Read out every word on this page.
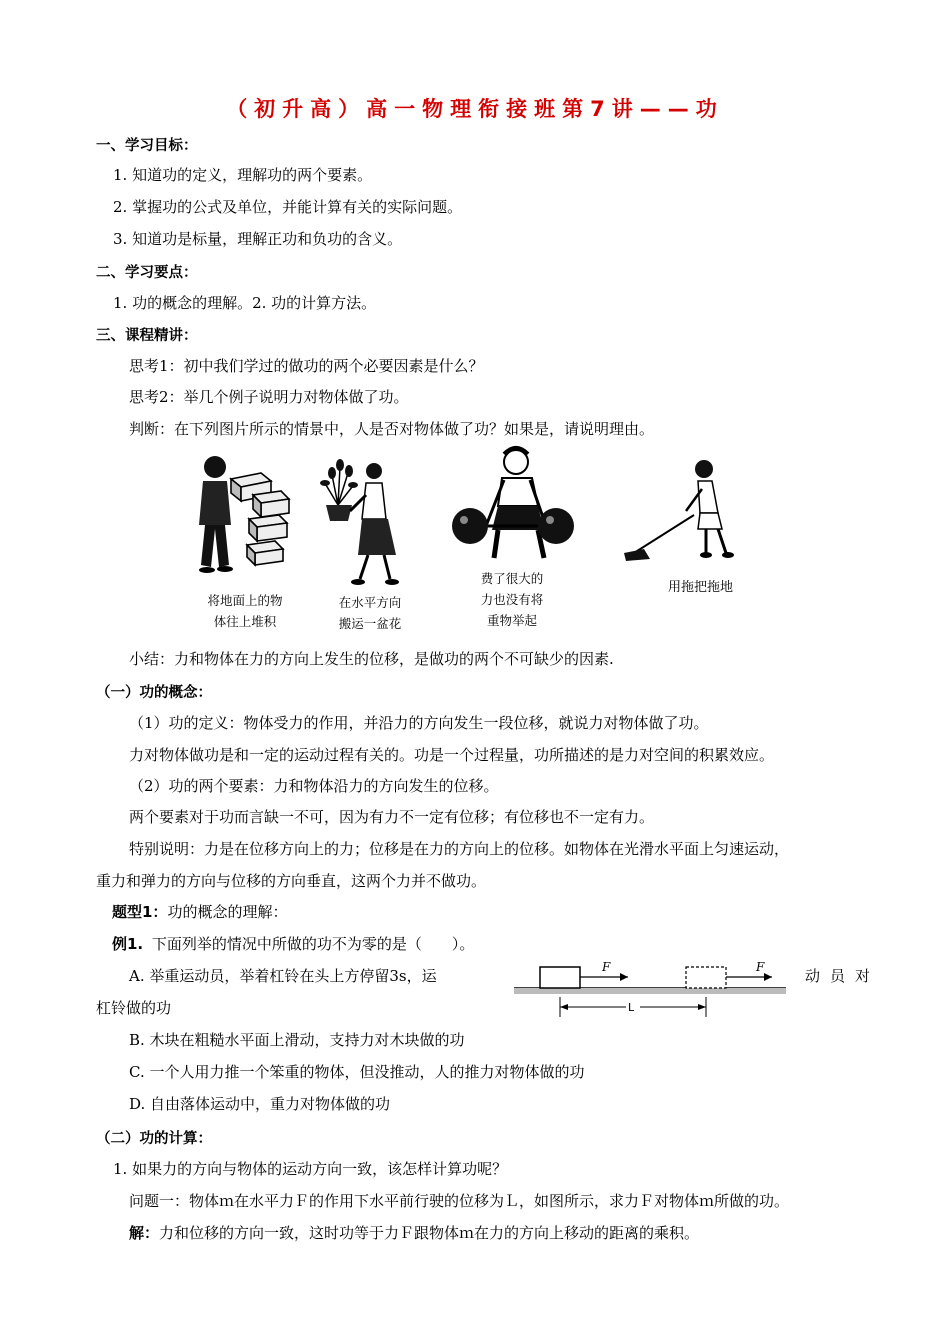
（初升高）高一物理衔接班第7讲——功
一、学习目标：
1. 知道功的定义，理解功的两个要素。
2. 掌握功的公式及单位，并能计算有关的实际问题。
3. 知道功是标量，理解正功和负功的含义。
二、学习要点：
1. 功的概念的理解。2. 功的计算方法。
三、课程精讲：
思考1：初中我们学过的做功的两个必要因素是什么？
思考2：举几个例子说明力对物体做了功。
判断：在下列图片所示的情景中，人是否对物体做了功？如果是，请说明理由。
将地面上的物
体往上堆积
在水平方向
搬运一盆花
费了很大的
力也没有将
重物举起
用拖把拖地
小结：力和物体在力的方向上发生的位移，是做功的两个不可缺少的因素.
（一）功的概念：
（1）功的定义：物体受力的作用，并沿力的方向发生一段位移，就说力对物体做了功。
力对物体做功是和一定的运动过程有关的。功是一个过程量，功所描述的是力对空间的积累效应。
（2）功的两个要素：力和物体沿力的方向发生的位移。
两个要素对于功而言缺一不可，因为有力不一定有位移；有位移也不一定有力。
特别说明：力是在位移方向上的力；位移是在力的方向上的位移。如物体在光滑水平面上匀速运动，
重力和弹力的方向与位移的方向垂直，这两个力并不做功。
题型1：功的概念的理解：
例1. 下面列举的情况中所做的功不为零的是（　　）。
A. 举重运动员，举着杠铃在头上方停留3s，运	动员对
杠铃做的功
F	F
L
B. 木块在粗糙水平面上滑动，支持力对木块做的功
C. 一个人用力推一个笨重的物体，但没推动，人的推力对物体做的功
D. 自由落体运动中，重力对物体做的功
（二）功的计算：
1. 如果力的方向与物体的运动方向一致，该怎样计算功呢？
问题一：物体ｍ在水平力Ｆ的作用下水平前行驶的位移为Ｌ，如图所示，求力Ｆ对物体ｍ所做的功。
解：力和位移的方向一致，这时功等于力Ｆ跟物体ｍ在力的方向上移动的距离的乘积。
